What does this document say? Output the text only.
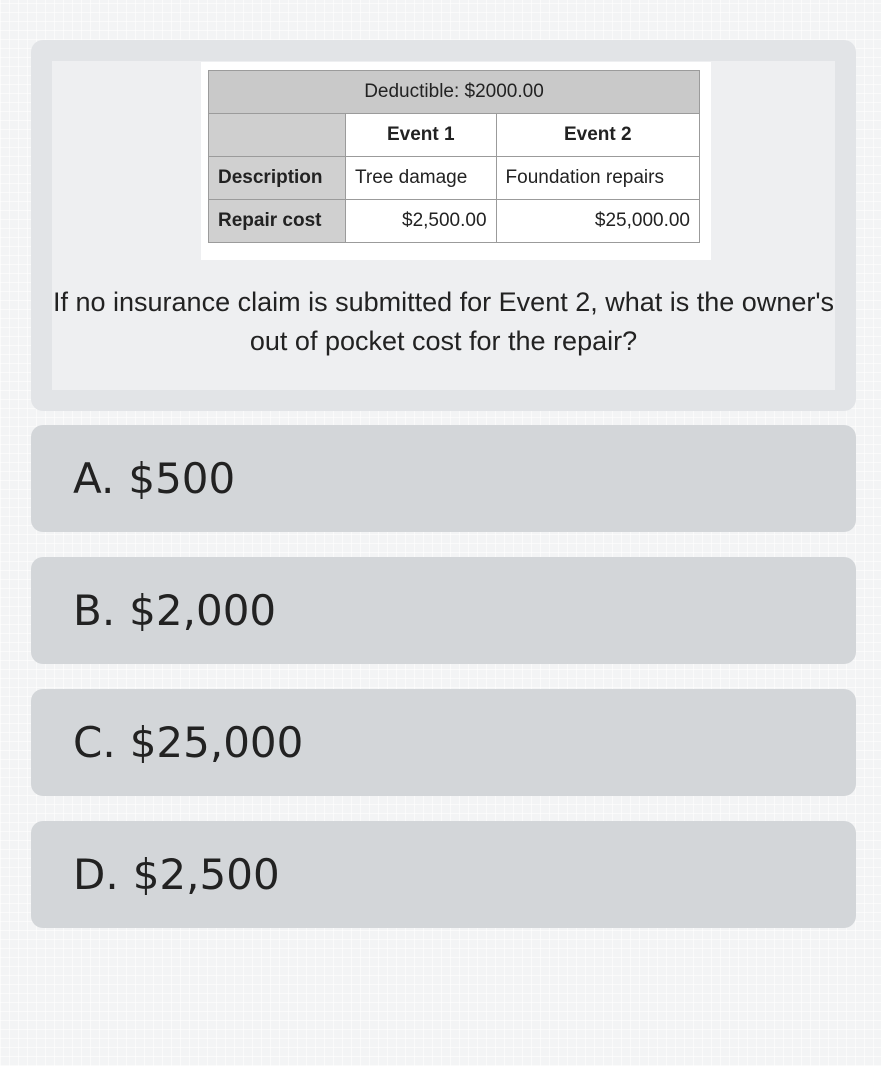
Deductible: $2000.00		
	Event 1	Event 2
Description	Tree damage	Foundation repairs
Repair cost	$2,500.00	$25,000.00
If no insurance claim is submitted for Event 2, what is the owner's out of pocket cost for the repair?
A. $500
B. $2,000
C. $25,000
D. $2,500
